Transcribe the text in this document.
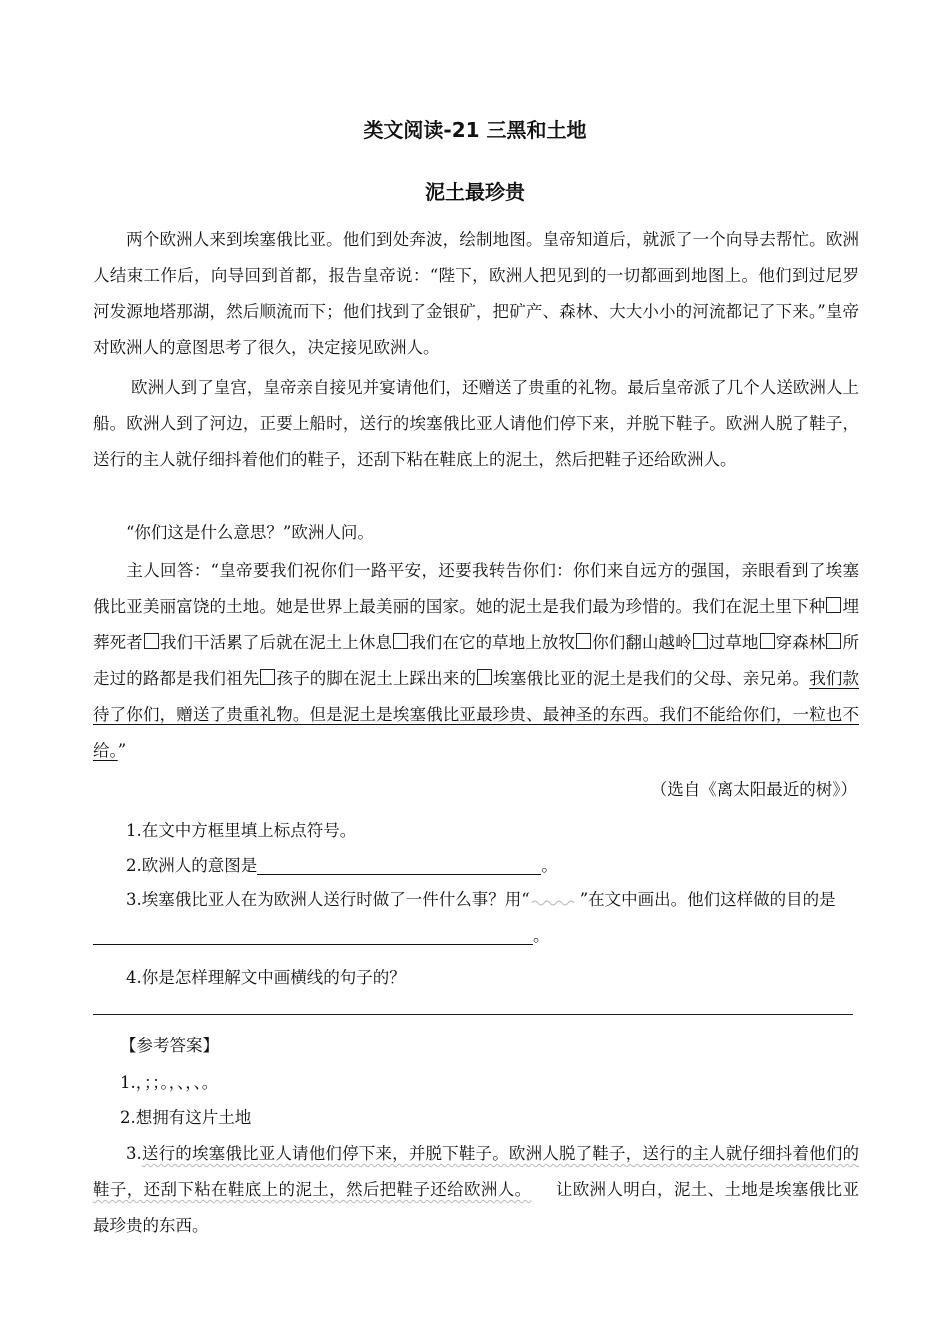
类文阅读-21 三黑和土地
泥土最珍贵
两个欧洲人来到埃塞俄比亚。他们到处奔波，绘制地图。皇帝知道后，就派了一个向导去帮忙。欧洲人结束工作后，向导回到首都，报告皇帝说：“陛下，欧洲人把见到的一切都画到地图上。他们到过尼罗河发源地塔那湖，然后顺流而下；他们找到了金银矿，把矿产、森林、大大小小的河流都记了下来。”皇帝对欧洲人的意图思考了很久，决定接见欧洲人。
欧洲人到了皇宫，皇帝亲自接见并宴请他们，还赠送了贵重的礼物。最后皇帝派了几个人送欧洲人上船。欧洲人到了河边，正要上船时，送行的埃塞俄比亚人请他们停下来，并脱下鞋子。欧洲人脱了鞋子，送行的主人就仔细抖着他们的鞋子，还刮下粘在鞋底上的泥土，然后把鞋子还给欧洲人。
“你们这是什么意思？”欧洲人问。
主人回答：“皇帝要我们祝你们一路平安，还要我转告你们：你们来自远方的强国，亲眼看到了埃塞俄比亚美丽富饶的土地。她是世界上最美丽的国家。她的泥土是我们最为珍惜的。我们在泥土里下种 埋葬死者 我们干活累了后就在泥土上休息 我们在它的草地上放牧 你们翻山越岭 过草地 穿森林 所走过的路都是我们祖先 孩子的脚在泥土上踩出来的 埃塞俄比亚的泥土是我们的父母、亲兄弟。我们款待了你们，赠送了贵重礼物。但是泥土是埃塞俄比亚最珍贵、最神圣的东西。我们不能给你们，一粒也不给。”
（选自《离太阳最近的树》）
1.在文中方框里填上标点符号。
2.欧洲人的意图是	。
3.埃塞俄比亚人在为欧洲人送行时做了一件什么事？用“	”在文中画出。他们这样做的目的是。
4.你是怎样理解文中画横线的句子的？
【参考答案】
1.，；；。，、，、。
2.想拥有这片土地
3.送行的埃塞俄比亚人请他们停下来，并脱下鞋子。欧洲人脱了鞋子，送行的主人就仔细抖着他们的鞋子，还刮下粘在鞋底上的泥土，然后把鞋子还给欧洲人。 让欧洲人明白，泥土、土地是埃塞俄比亚最珍贵的东西。
